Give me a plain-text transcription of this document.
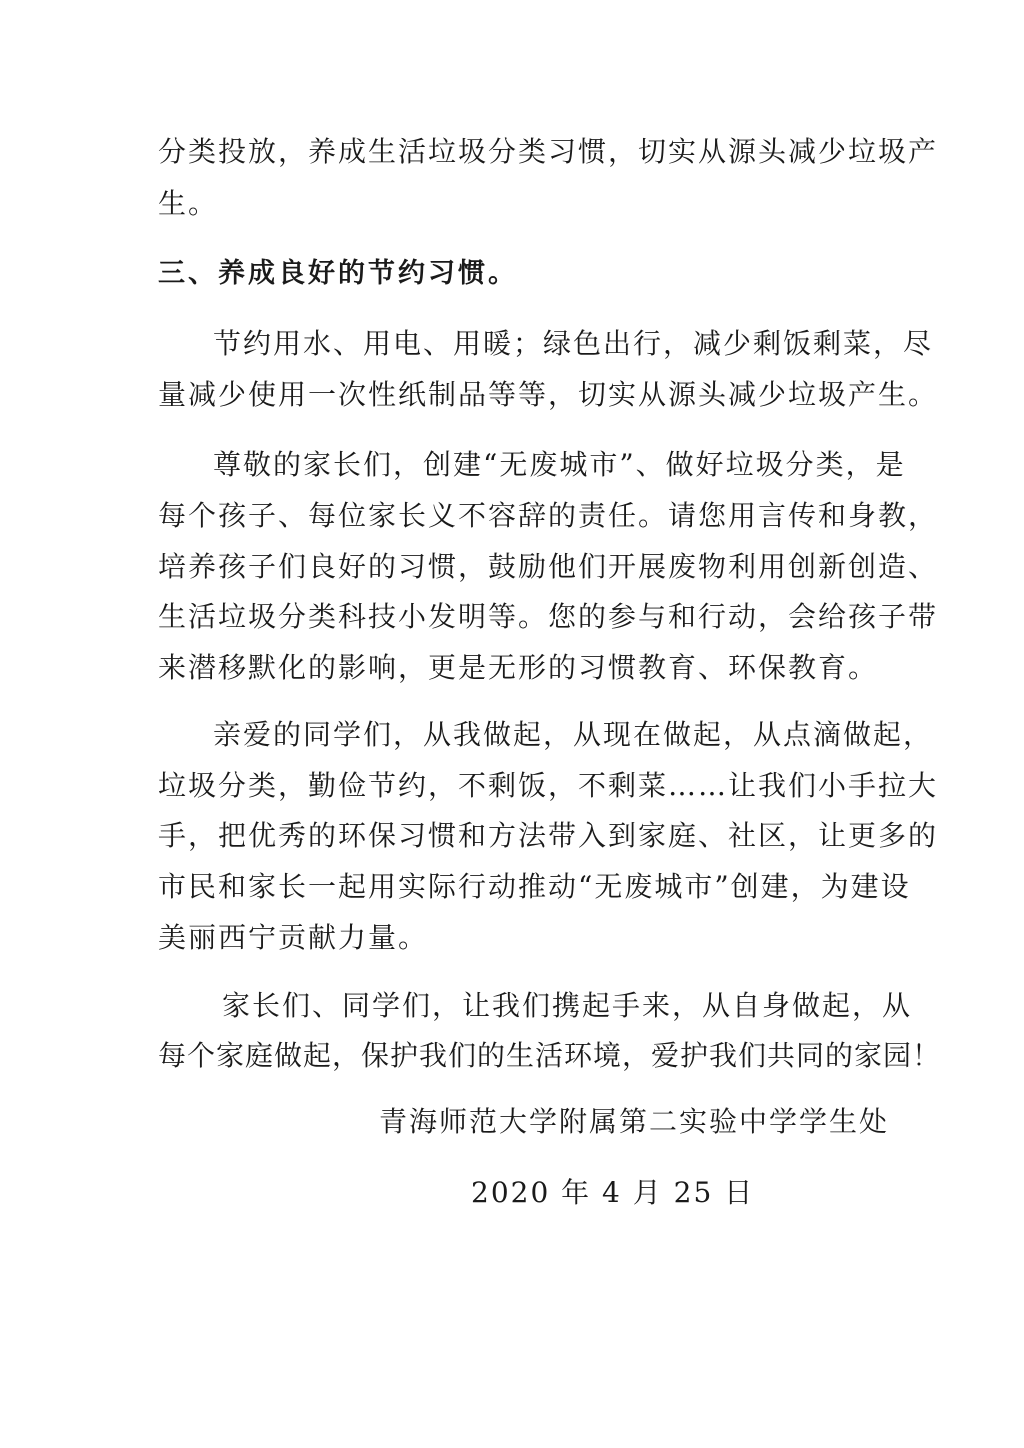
分类投放，养成生活垃圾分类习惯，切实从源头减少垃圾产
生。
三、养成良好的节约习惯。
节约用水、用电、用暖；绿色出行，减少剩饭剩菜，尽
量减少使用一次性纸制品等等，切实从源头减少垃圾产生。
尊敬的家长们，创建“无废城市”、做好垃圾分类，是
每个孩子、每位家长义不容辞的责任。请您用言传和身教，
培养孩子们良好的习惯，鼓励他们开展废物利用创新创造、
生活垃圾分类科技小发明等。您的参与和行动，会给孩子带
来潜移默化的影响，更是无形的习惯教育、环保教育。
亲爱的同学们，从我做起，从现在做起，从点滴做起，
垃圾分类，勤俭节约，不剩饭，不剩菜……让我们小手拉大
手，把优秀的环保习惯和方法带入到家庭、社区，让更多的
市民和家长一起用实际行动推动“无废城市”创建，为建设
美丽西宁贡献力量。
家长们、同学们，让我们携起手来，从自身做起，从
每个家庭做起，保护我们的生活环境，爱护我们共同的家园！
青海师范大学附属第二实验中学学生处
2020 年 4 月 25 日
